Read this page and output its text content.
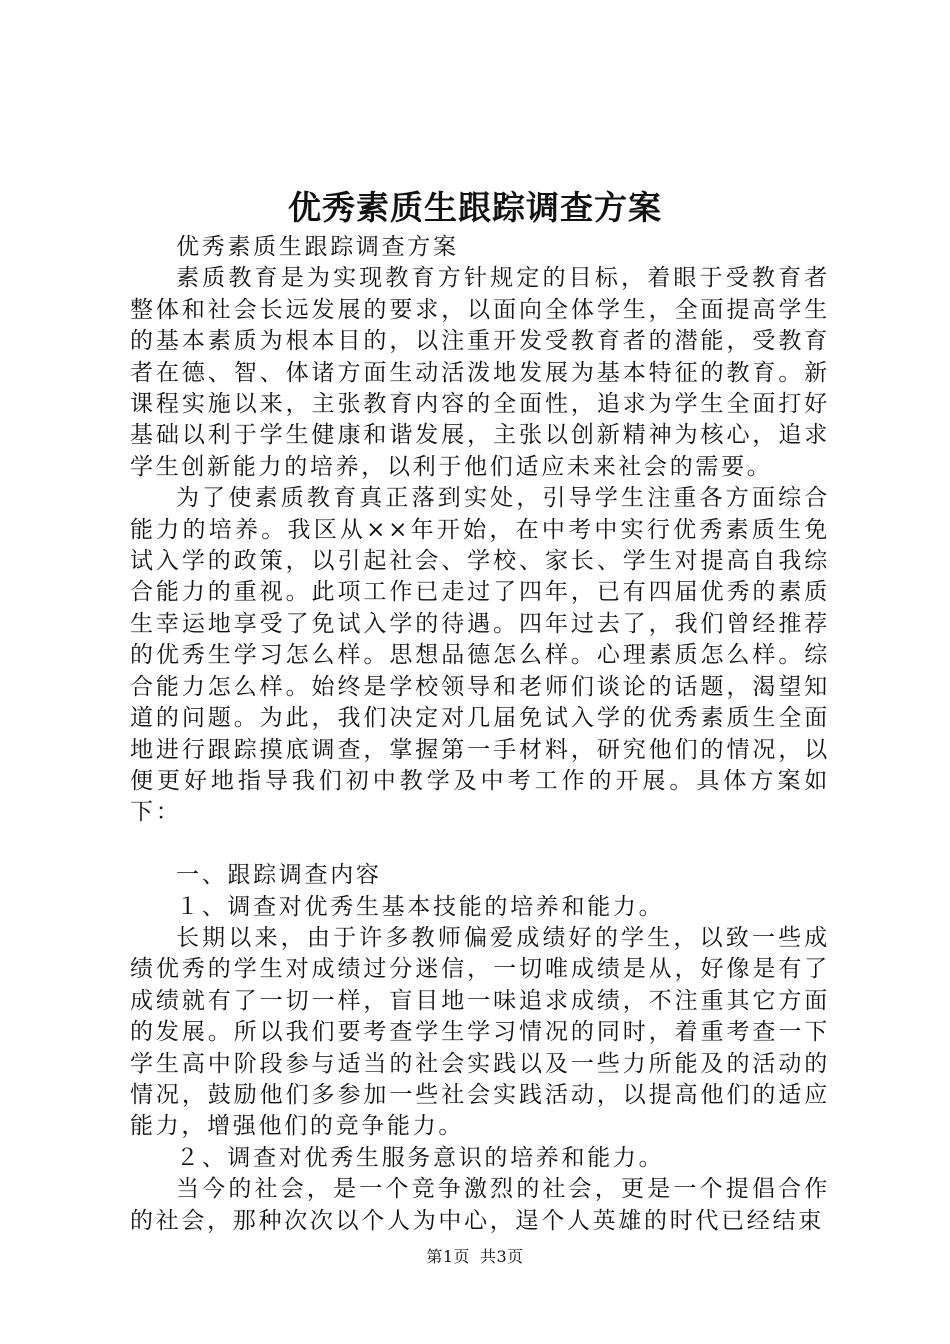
优秀素质生跟踪调查方案

优秀素质生跟踪调查方案

素质教育是为实现教育方针规定的目标，着眼于受教育者整体和社会长远发展的要求，以面向全体学生，全面提高学生的基本素质为根本目的，以注重开发受教育者的潜能，受教育者在德、智、体诸方面生动活泼地发展为基本特征的教育。新课程实施以来，主张教育内容的全面性，追求为学生全面打好基础以利于学生健康和谐发展，主张以创新精神为核心，追求学生创新能力的培养，以利于他们适应未来社会的需要。

为了使素质教育真正落到实处，引导学生注重各方面综合能力的培养。我区从××年开始，在中考中实行优秀素质生免试入学的政策，以引起社会、学校、家长、学生对提高自我综合能力的重视。此项工作已走过了四年，已有四届优秀的素质生幸运地享受了免试入学的待遇。四年过去了，我们曾经推荐的优秀生学习怎么样。思想品德怎么样。心理素质怎么样。综合能力怎么样。始终是学校领导和老师们谈论的话题，渴望知道的问题。为此，我们决定对几届免试入学的优秀素质生全面地进行跟踪摸底调查，掌握第一手材料，研究他们的情况，以便更好地指导我们初中教学及中考工作的开展。具体方案如下：

一、跟踪调查内容

１、调查对优秀生基本技能的培养和能力。

长期以来，由于许多教师偏爱成绩好的学生，以致一些成绩优秀的学生对成绩过分迷信，一切唯成绩是从，好像是有了成绩就有了一切一样，盲目地一味追求成绩，不注重其它方面的发展。所以我们要考查学生学习情况的同时，着重考查一下学生高中阶段参与适当的社会实践以及一些力所能及的活动的情况，鼓励他们多参加一些社会实践活动，以提高他们的适应能力，增强他们的竞争能力。

２、调查对优秀生服务意识的培养和能力。

当今的社会，是一个竞争激烈的社会，更是一个提倡合作的社会，那种次次以个人为中心，逞个人英雄的时代已经结束

第1页 共3页
